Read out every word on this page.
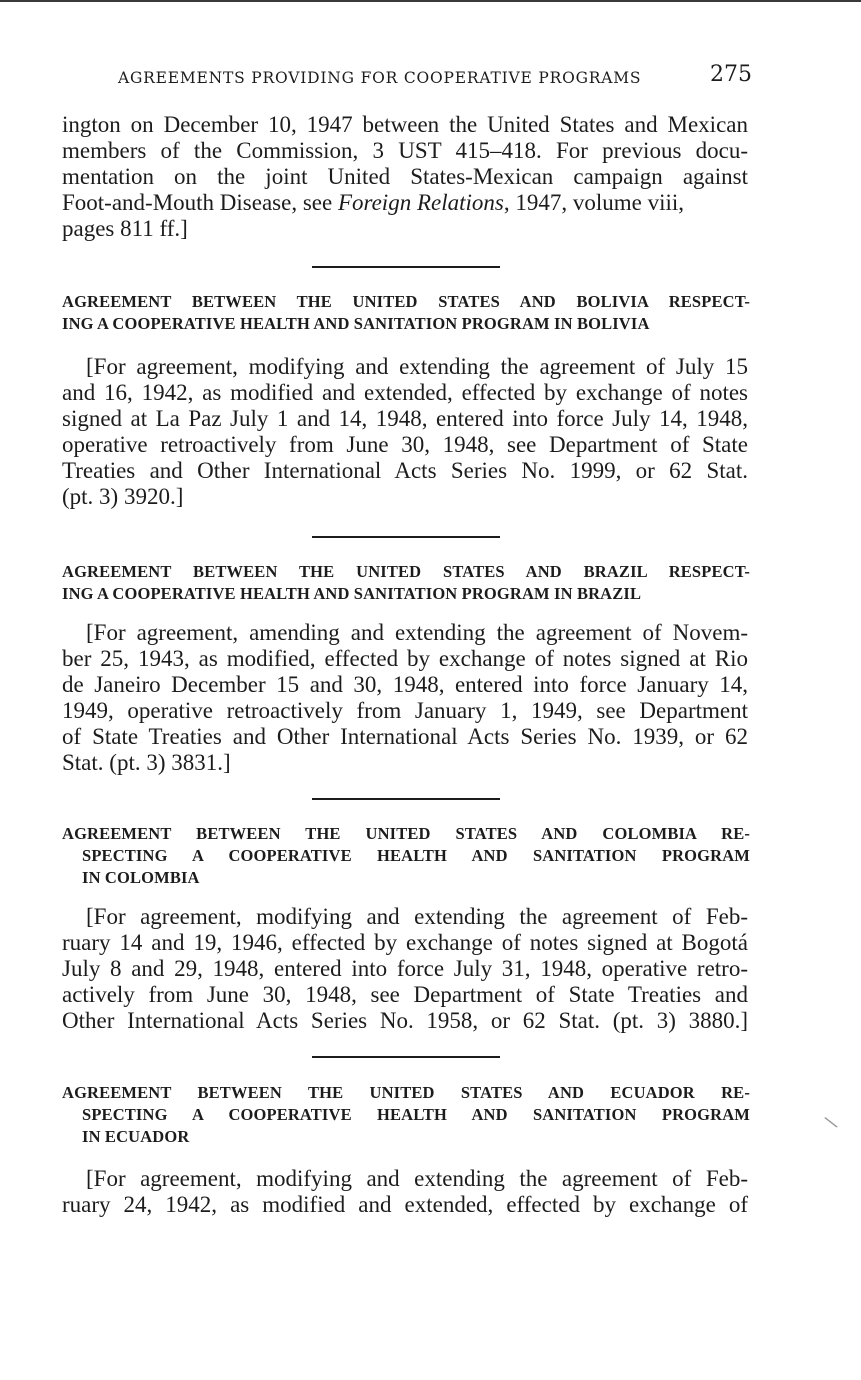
AGREEMENTS PROVIDING FOR COOPERATIVE PROGRAMS	275
ington on December 10, 1947 between the United States and Mexican
members of the Commission, 3 UST 415–418. For previous docu-
mentation on the joint United States-Mexican campaign against
Foot-and-Mouth Disease, see Foreign Relations, 1947, volume viii,
pages 811 ff.]
AGREEMENT BETWEEN THE UNITED STATES AND BOLIVIA RESPECT-
ING A COOPERATIVE HEALTH AND SANITATION PROGRAM IN BOLIVIA
[For agreement, modifying and extending the agreement of July 15
and 16, 1942, as modified and extended, effected by exchange of notes
signed at La Paz July 1 and 14, 1948, entered into force July 14, 1948,
operative retroactively from June 30, 1948, see Department of State
Treaties and Other International Acts Series No. 1999, or 62 Stat.
(pt. 3) 3920.]
AGREEMENT BETWEEN THE UNITED STATES AND BRAZIL RESPECT-
ING A COOPERATIVE HEALTH AND SANITATION PROGRAM IN BRAZIL
[For agreement, amending and extending the agreement of Novem-
ber 25, 1943, as modified, effected by exchange of notes signed at Rio
de Janeiro December 15 and 30, 1948, entered into force January 14,
1949, operative retroactively from January 1, 1949, see Department
of State Treaties and Other International Acts Series No. 1939, or 62
Stat. (pt. 3) 3831.]
AGREEMENT BETWEEN THE UNITED STATES AND COLOMBIA RE-
SPECTING A COOPERATIVE HEALTH AND SANITATION PROGRAM
IN COLOMBIA
[For agreement, modifying and extending the agreement of Feb-
ruary 14 and 19, 1946, effected by exchange of notes signed at Bogotá
July 8 and 29, 1948, entered into force July 31, 1948, operative retro-
actively from June 30, 1948, see Department of State Treaties and
Other International Acts Series No. 1958, or 62 Stat. (pt. 3) 3880.]
AGREEMENT BETWEEN THE UNITED STATES AND ECUADOR RE-
SPECTING A COOPERATIVE HEALTH AND SANITATION PROGRAM
IN ECUADOR
[For agreement, modifying and extending the agreement of Feb-
ruary 24, 1942, as modified and extended, effected by exchange of
\
